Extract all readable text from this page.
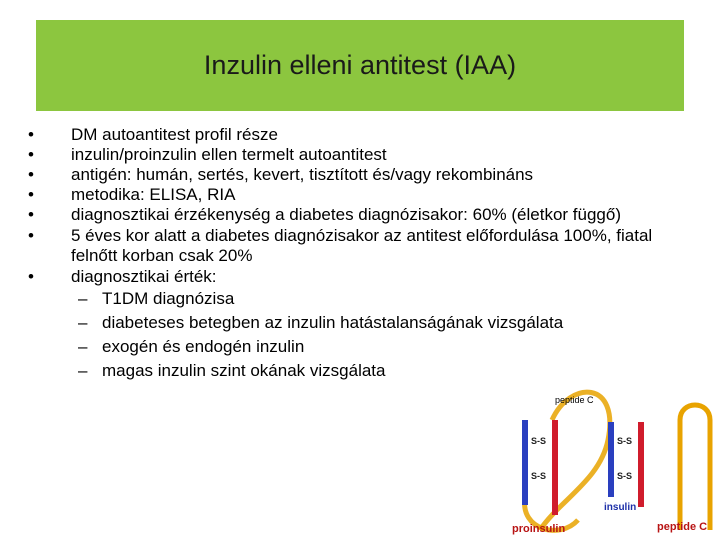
Inzulin elleni antitest (IAA)
• DM autoantitest profil része
• inzulin/proinzulin ellen termelt autoantitest
• antigén: humán, sertés, kevert, tisztított és/vagy rekombináns
• metodika: ELISA, RIA
• diagnosztikai érzékenység a diabetes diagnózisakor: 60% (életkor függő)
• 5 éves kor alatt a diabetes diagnózisakor az antitest előfordulása 100%, fiatal felnőtt korban csak 20%
• diagnosztikai érték:
– T1DM diagnózisa
– diabeteses betegben az inzulin hatástalanságának vizsgálata
– exogén és endogén inzulin
– magas inzulin szint okának vizsgálata
peptide C
S-S
S-S
S-S
S-S
proinsulin
insulin
peptide C
